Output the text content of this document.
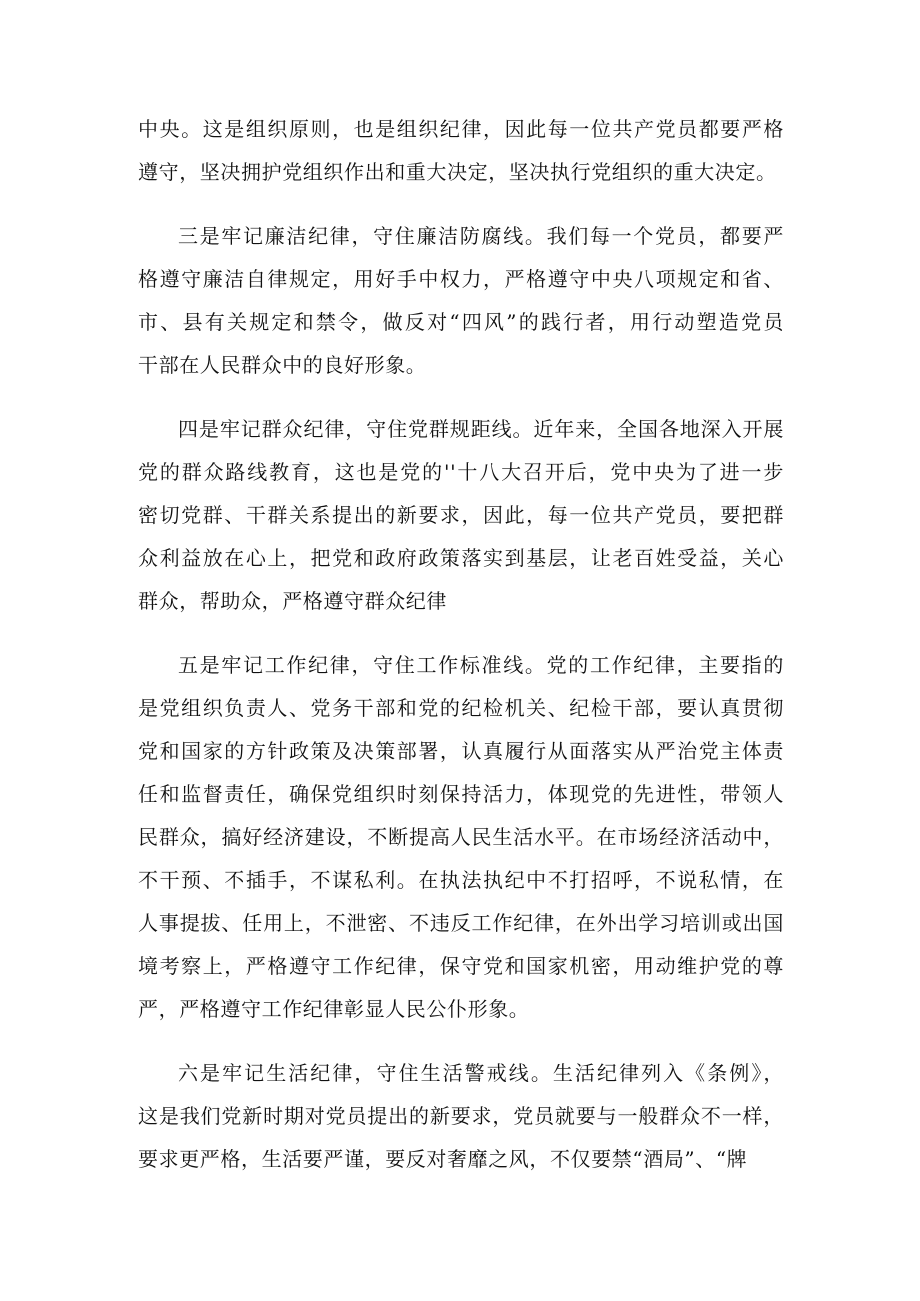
中央。这是组织原则，也是组织纪律，因此每一位共产党员都要严格
遵守，坚决拥护党组织作出和重大决定，坚决执行党组织的重大决定。
三是牢记廉洁纪律，守住廉洁防腐线。我们每一个党员，都要严
格遵守廉洁自律规定，用好手中权力，严格遵守中央八项规定和省、
市、县有关规定和禁令，做反对“四风”的践行者，用行动塑造党员
干部在人民群众中的良好形象。
四是牢记群众纪律，守住党群规距线。近年来，全国各地深入开展
党的群众路线教育，这也是党的''十八大召开后，党中央为了进一步
密切党群、干群关系提出的新要求，因此，每一位共产党员，要把群
众利益放在心上，把党和政府政策落实到基层，让老百姓受益，关心
群众，帮助众，严格遵守群众纪律
五是牢记工作纪律，守住工作标准线。党的工作纪律，主要指的
是党组织负责人、党务干部和党的纪检机关、纪检干部，要认真贯彻
党和国家的方针政策及决策部署，认真履行从面落实从严治党主体责
任和监督责任，确保党组织时刻保持活力，体现党的先进性，带领人
民群众，搞好经济建设，不断提高人民生活水平。在市场经济活动中，
不干预、不插手，不谋私利。在执法执纪中不打招呼，不说私情，在
人事提拔、任用上，不泄密、不违反工作纪律，在外出学习培训或出国
境考察上，严格遵守工作纪律，保守党和国家机密，用动维护党的尊
严，严格遵守工作纪律彰显人民公仆形象。
六是牢记生活纪律，守住生活警戒线。生活纪律列入《条例》，
这是我们党新时期对党员提出的新要求，党员就要与一般群众不一样，
要求更严格，生活要严谨，要反对奢靡之风，不仅要禁“酒局”、“牌
